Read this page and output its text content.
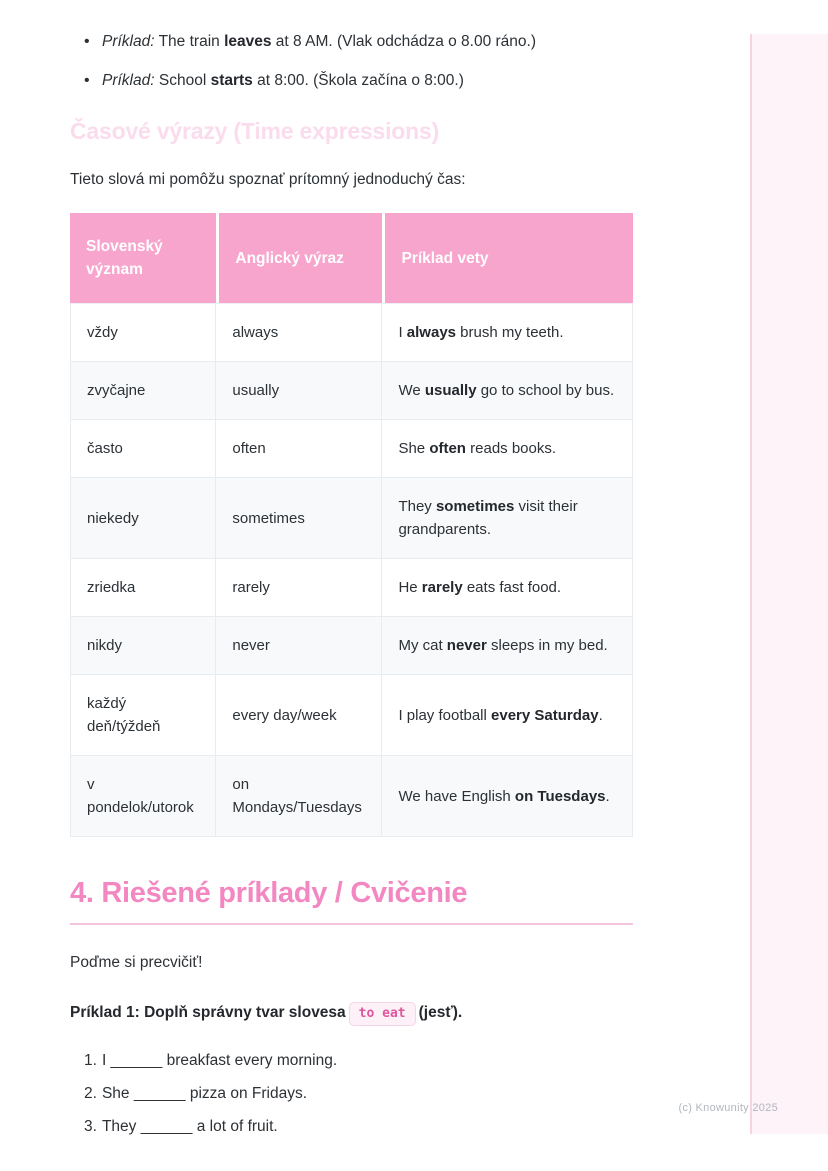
Príklad: The train leaves at 8 AM. (Vlak odchádza o 8.00 ráno.)
Príklad: School starts at 8:00. (Škola začína o 8:00.)
Časové výrazy (Time expressions)

Tieto slová mi pomôžu spoznať prítomný jednoduchý čas:

Slovenský význam	Anglický výraz	Príklad vety
vždy	always	I always brush my teeth.
zvyčajne	usually	We usually go to school by bus.
často	often	She often reads books.
niekedy	sometimes	They sometimes visit their grandparents.
zriedka	rarely	He rarely eats fast food.
nikdy	never	My cat never sleeps in my bed.
každý deň/týždeň	every day/week	I play football every Saturday.
v pondelok/utorok	on Mondays/Tuesdays	We have English on Tuesdays.
4. Riešené príklady / Cvičenie

Poďme si precvičiť!

Príklad 1: Doplň správny tvar slovesa to eat (jesť).

1. I ______ breakfast every morning.
2. She ______ pizza on Fridays.
3. They ______ a lot of fruit.
(c) Knowunity 2025
